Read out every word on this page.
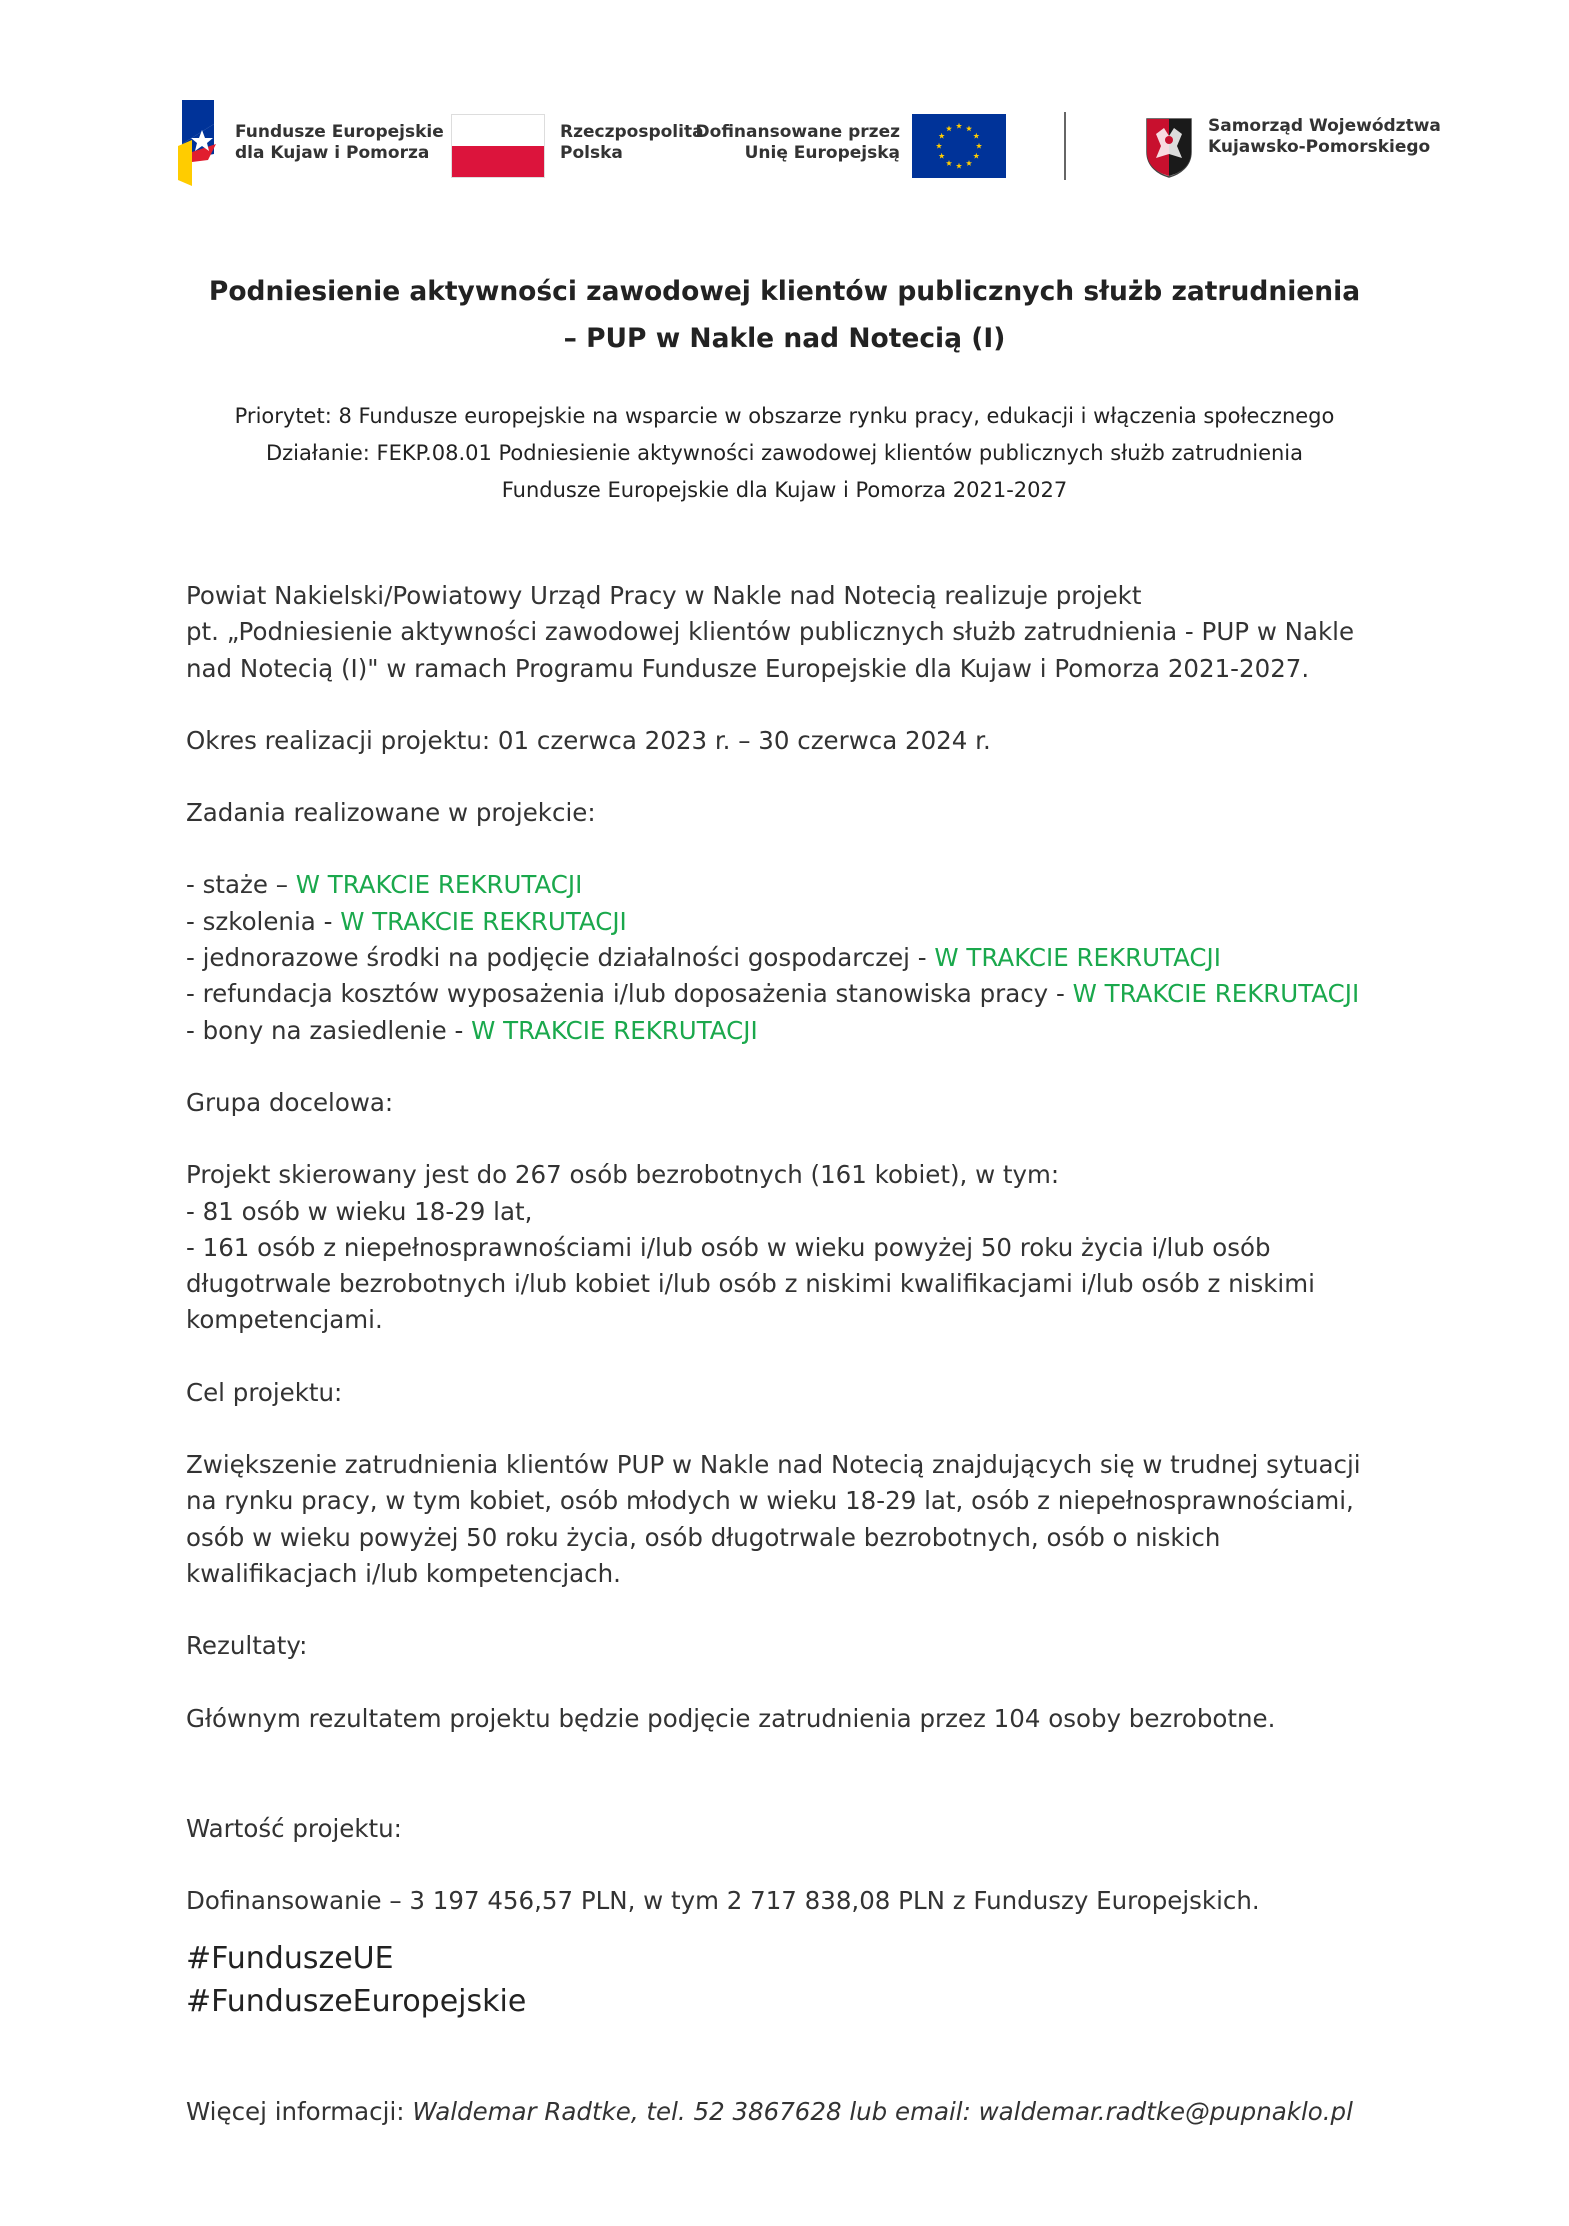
Fundusze Europejskie
dla Kujaw i Pomorza
Rzeczpospolita
Polska
Dofinansowane przez
Unię Europejską
Samorząd Województwa
Kujawsko-Pomorskiego
Podniesienie aktywności zawodowej klientów publicznych służb zatrudnienia
– PUP w Nakle nad Notecią (I)
Priorytet: 8 Fundusze europejskie na wsparcie w obszarze rynku pracy, edukacji i włączenia społecznego
Działanie: FEKP.08.01 Podniesienie aktywności zawodowej klientów publicznych służb zatrudnienia
Fundusze Europejskie dla Kujaw i Pomorza 2021-2027

Powiat Nakielski/Powiatowy Urząd Pracy w Nakle nad Notecią realizuje projekt

pt. „Podniesienie aktywności zawodowej klientów publicznych służb zatrudnienia - PUP w Nakle

nad Notecią (I)" w ramach Programu Fundusze Europejskie dla Kujaw i Pomorza 2021-2027.

Okres realizacji projektu: 01 czerwca 2023 r. – 30 czerwca 2024 r.

Zadania realizowane w projekcie:

- staże – W TRAKCIE REKRUTACJI

- szkolenia - W TRAKCIE REKRUTACJI

- jednorazowe środki na podjęcie działalności gospodarczej - W TRAKCIE REKRUTACJI

- refundacja kosztów wyposażenia i/lub doposażenia stanowiska pracy - W TRAKCIE REKRUTACJI

- bony na zasiedlenie - W TRAKCIE REKRUTACJI

Grupa docelowa:

Projekt skierowany jest do 267 osób bezrobotnych (161 kobiet), w tym:

- 81 osób w wieku 18-29 lat,

- 161 osób z niepełnosprawnościami i/lub osób w wieku powyżej 50 roku życia i/lub osób

długotrwale bezrobotnych i/lub kobiet i/lub osób z niskimi kwalifikacjami i/lub osób z niskimi

kompetencjami.

Cel projektu:

Zwiększenie zatrudnienia klientów PUP w Nakle nad Notecią znajdujących się w trudnej sytuacji

na rynku pracy, w tym kobiet, osób młodych w wieku 18-29 lat, osób z niepełnosprawnościami,

osób w wieku powyżej 50 roku życia, osób długotrwale bezrobotnych, osób o niskich

kwalifikacjach i/lub kompetencjach.

Rezultaty:

Głównym rezultatem projektu będzie podjęcie zatrudnienia przez 104 osoby bezrobotne.

Wartość projektu:

Dofinansowanie – 3 197 456,57 PLN, w tym 2 717 838,08 PLN z Funduszy Europejskich.

#FunduszeUE

#FunduszeEuropejskie

Więcej informacji: Waldemar Radtke, tel. 52 3867628 lub email: waldemar.radtke@pupnaklo.pl
